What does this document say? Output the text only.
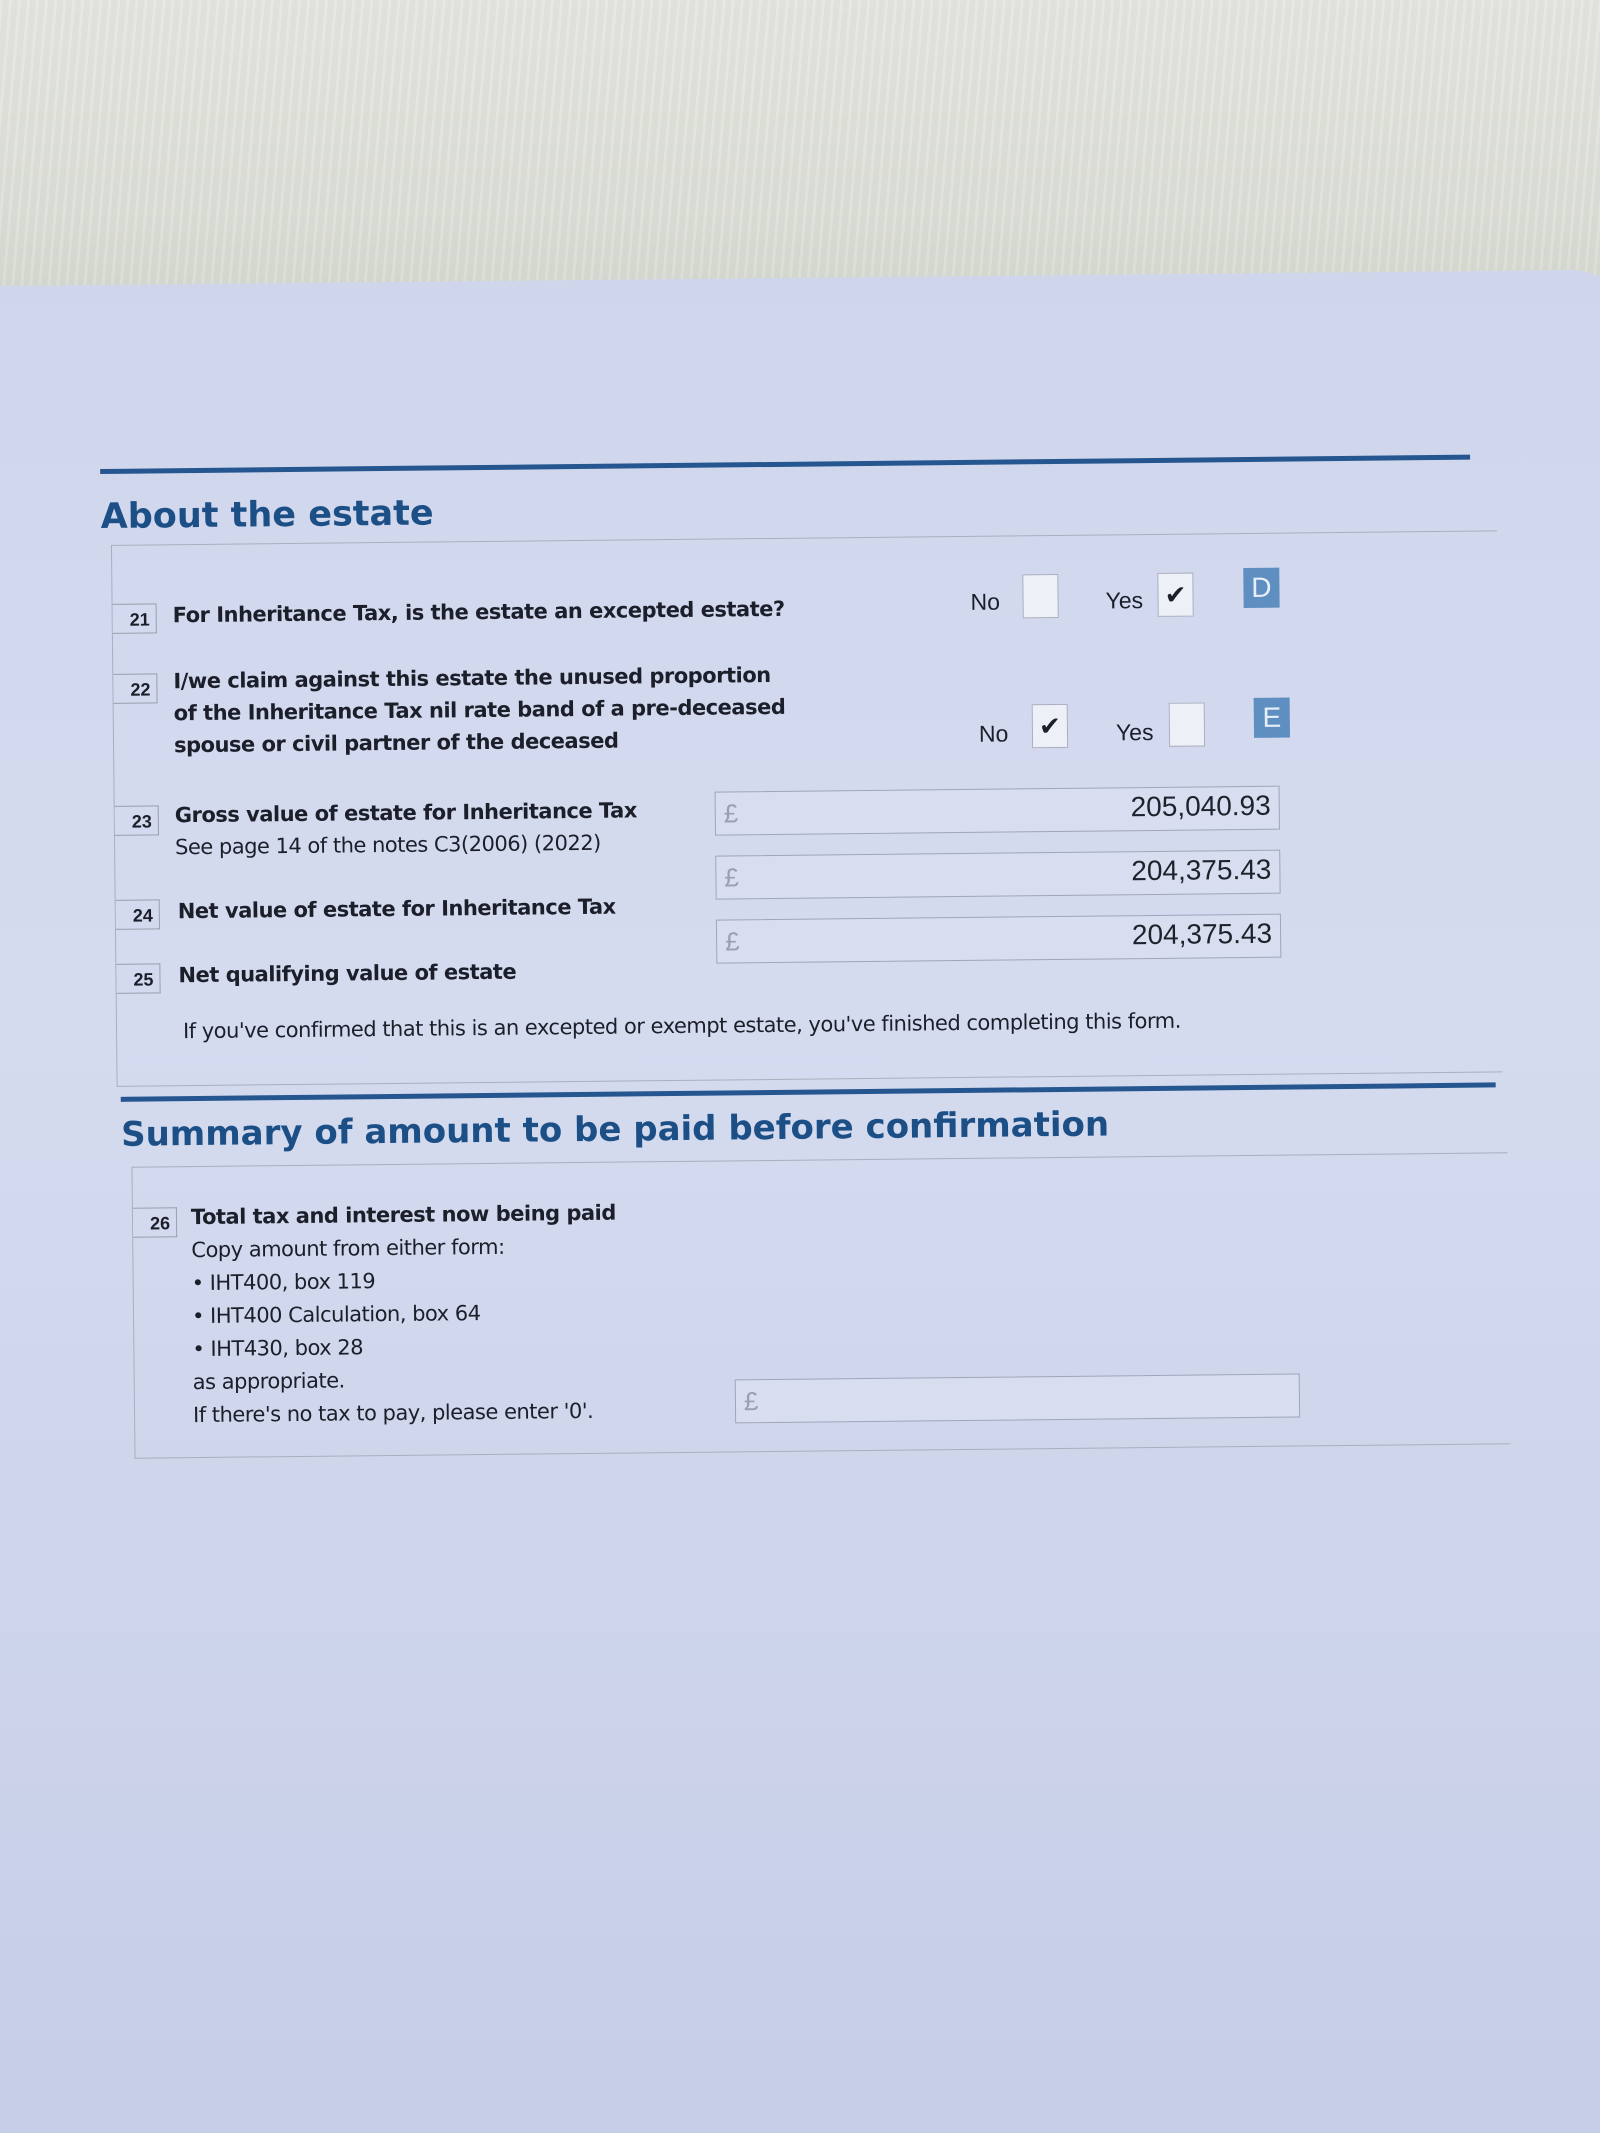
About the estate
21	For Inheritance Tax, is the estate an excepted estate?	No	Yes ✔ D
22	I/we claim against this estate the unused proportion
of the Inheritance Tax nil rate band of a pre-deceased
spouse or civil partner of the deceased	No ✔	Yes	E
23	Gross value of estate for Inheritance Tax
See page 14 of the notes C3(2006) (2022)
£	205,040.93
24	Net value of estate for Inheritance Tax
£	204,375.43
25	Net qualifying value of estate
£	204,375.43
If you've confirmed that this is an excepted or exempt estate, you've finished completing this form.
Summary of amount to be paid before confirmation
26 Total tax and interest now being paid
Copy amount from either form:
• IHT400, box 119
• IHT400 Calculation, box 64
• IHT430, box 28
as appropriate.
If there's no tax to pay, please enter '0'.	£
